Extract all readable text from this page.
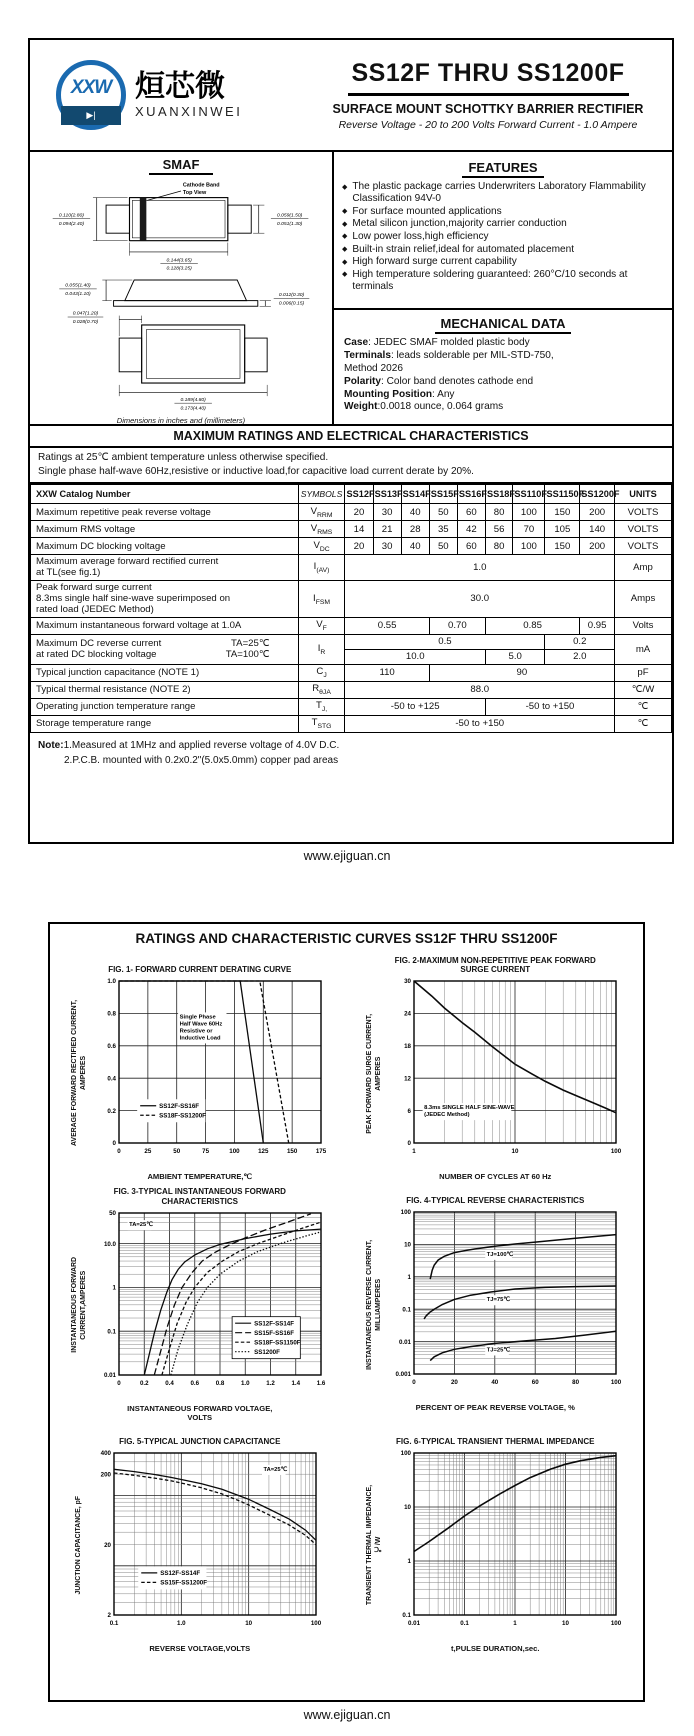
XXW
▶|
烜芯微
XUANXINWEI
SS12F THRU SS1200F
SURFACE MOUNT SCHOTTKY BARRIER RECTIFIER
Reverse Voltage - 20 to 200 Volts Forward Current - 1.0 Ampere
SMAF

Cathode Band
Top View
0.110(2.80)
0.094(2.40)
0.059(1.50)
0.051(1.30)
0.144(3.65)
0.128(3.25)
0.055(1.40)
0.043(1.10)	0.012(0.30)
0.006(0.15)
0.047(1.20)
0.028(0.70)
0.189(4.80)
0.173(4.40)
Dimensions in inches and (millimeters)
FEATURES
◆ The plastic package carries Underwriters Laboratory Flammability Classification 94V-0
◆ For surface mounted applications
◆ Metal silicon junction,majority carrier conduction
◆ Low power loss,high efficiency
◆ Built-in strain relief,ideal for automated placement
◆ High forward surge current capability
◆ High temperature soldering guaranteed: 260°C/10 seconds at terminals
MECHANICAL DATA
Case: JEDEC SMAF molded plastic body
Terminals: leads solderable per MIL-STD-750,
Method 2026
Polarity: Color band denotes cathode end
Mounting Position: Any
Weight:0.0018 ounce, 0.064 grams
MAXIMUM RATINGS AND ELECTRICAL CHARACTERISTICS
Ratings at 25℃ ambient temperature unless otherwise specified.
Single phase half-wave 60Hz,resistive or inductive load,for capacitive load current derate by 20%.
XXW Catalog Number	SYMBOLS	SS12F	SS13F	SS14F	SS15F	SS16F	SS18F	SS110F	SS1150F	SS1200F	UNITS

Maximum repetitive peak reverse voltage	$V_{RRM}$	20	30	40	50	60	80	100	150	200	VOLTS

Maximum RMS voltage	$V_{RMS}$	14	21	28	35	42	56	70	105	140	VOLTS

Maximum DC blocking voltage	$V_{DC}$	20	30	40	50	60	80	100	150	200	VOLTS

Maximum average forward rectified current
at TL(see fig.1)	$I_{(AV)}$	1.0									Amp

Peak forward surge current
8.3ms single half sine-wave superimposed on
rated load (JEDEC Method)	$I_{FSM}$	30.0									Amps

Maximum instantaneous forward voltage at 1.0A	$V_F$	0.55			0.70		0.85			0.95	Volts

Maximum DC reverse current TA=25℃
at rated DC blocking voltage TA=100℃	$I_R$	0.5							0.2		mA
		10.0					5.0		2.0		

Typical junction capacitance (NOTE 1)	$C_J$	110			90						pF

Typical thermal resistance (NOTE 2)	$R_{\theta JA}$	88.0									℃/W

Operating junction temperature range	$T_{J,}$	-50 to +125					-50 to +150				℃

Storage temperature range	$T_{STG}$	-50 to +150									℃
Note:1.Measured at 1MHz and applied reverse voltage of 4.0V D.C.
2.P.C.B. mounted with 0.2x0.2"(5.0x5.0mm) copper pad areas
www.ejiguan.cn
RATINGS AND CHARACTERISTIC CURVES SS12F THRU SS1200F
FIG. 1- FORWARD CURRENT DERATING CURVE
AVERAGE FORWARD RECTIFIED CURRENT,
AMPERES
Single Phase
Half Wave 60Hz
Resistive or
Inductive Load
SS12F-SS16F
SS18F-SS1200F
0	25	50	75	100	125	150	175
0
0.2
0.4
0.6
0.8
1.0
AMBIENT TEMPERATURE,℃
FIG. 2-MAXIMUM NON-REPETITIVE PEAK FORWARD SURGE CURRENT
PEAK FORWARD SURGE CURRENT,
AMPERES
8.3ms SINGLE HALF SINE-WAVE
(JEDEC Method)
1	10	100
0
6
12
18
24
30
NUMBER OF CYCLES AT 60 Hz
FIG. 3-TYPICAL INSTANTANEOUS FORWARD CHARACTERISTICS
INSTANTANEOUS FORWARD
CURRENT,AMPERES
TA=25℃
SS12F-SS14F
SS15F-SS16F
SS18F-SS1150F
SS1200F
0	0.2	0.4	0.6	0.8	1.0	1.2	1.4	1.6
0.01
0.1
1
10.0
50
INSTANTANEOUS FORWARD VOLTAGE,
VOLTS
FIG. 4-TYPICAL REVERSE CHARACTERISTICS
INSTANTANEOUS REVERSE CURRENT,
MILLIAMPERES
TJ=100℃
TJ=75℃
TJ=25℃
0	20	40	60	80	100
0.001
0.01
0.1
1
10
100
PERCENT OF PEAK REVERSE VOLTAGE, %
FIG. 5-TYPICAL JUNCTION CAPACITANCE
JUNCTION CAPACITANCE, pF
TA=25℃
SS12F-SS14F
SS15F-SS1200F
0.1	1.0	10	100
2
20
200
400
REVERSE VOLTAGE,VOLTS
FIG. 6-TYPICAL TRANSIENT THERMAL IMPEDANCE
TRANSIENT THERMAL IMPEDANCE,
℃/W
0.01	0.1	1	10	100
0.1
1
10
100
t,PULSE DURATION,sec.
www.ejiguan.cn
